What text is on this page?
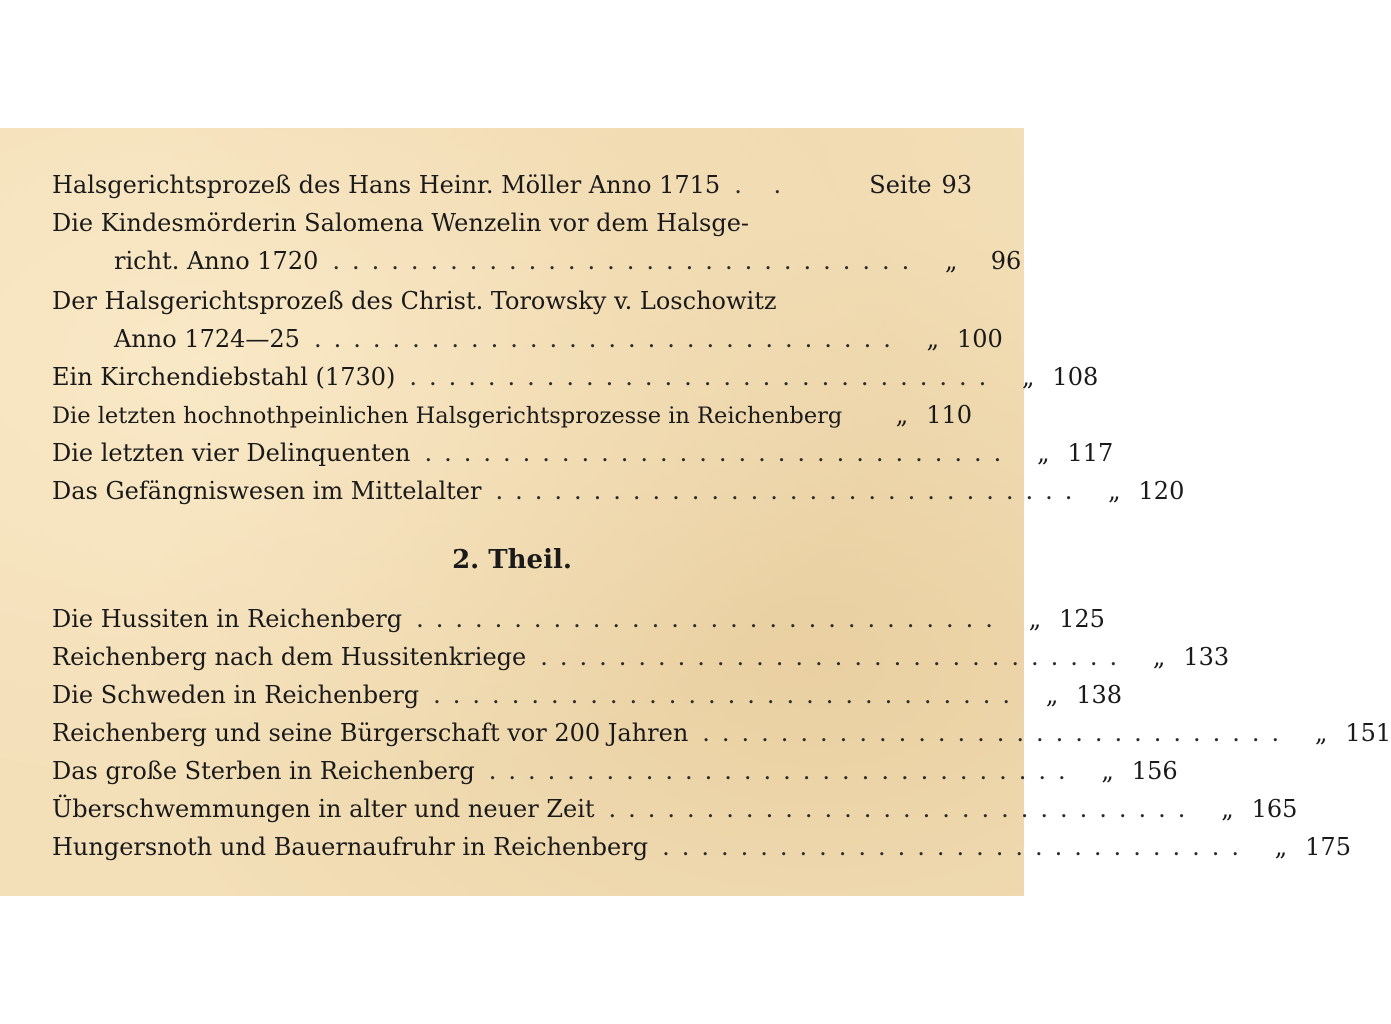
Halsgerichtsprozeß des Hans Heinr. Möller Anno 1715 . .	Seite 93
Die Kindesmörderin Salomena Wenzelin vor dem Halsge-
richt. Anno 1720 .............................. „	96
Der Halsgerichtsprozeß des Christ. Torowsky v. Loschowitz
Anno 1724—25 .............................. „ 100
Ein Kirchendiebstahl (1730) .............................. „ 108
Die letzten hochnothpeinlichen Halsgerichtsprozesse in Reichenberg	„ 110
Die letzten vier Delinquenten .............................. „ 117
Das Gefängniswesen im Mittelalter .............................. „ 120
2. Theil.
Die Hussiten in Reichenberg .............................. „ 125
Reichenberg nach dem Hussitenkriege .............................. „ 133
Die Schweden in Reichenberg .............................. „ 138
Reichenberg und seine Bürgerschaft vor 200 Jahren .............................. „ 151
Das große Sterben in Reichenberg .............................. „ 156
Überschwemmungen in alter und neuer Zeit .............................. „ 165
Hungersnoth und Bauernaufruhr in Reichenberg .............................. „ 175
